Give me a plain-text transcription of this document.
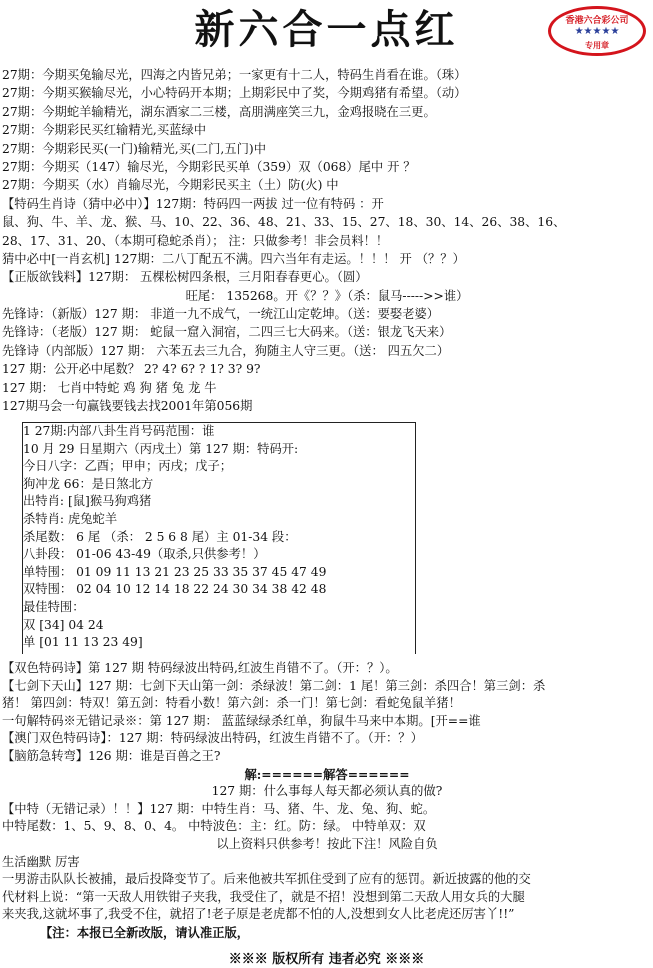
新六合一点红	香港六合彩公司
★★★★★
专用章
27期：今期买兔输尽光，四海之内皆兄弟；一家更有十二人，特码生肖看在谁。（珠）
27期：今期买猴输尽光，小心特码开本期；上期彩民中了奖，今期鸡猪有希望。（动）
27期：今期蛇羊输精光，湖东酒家二三楼，高朋满座笑三九，金鸡报晓在三更。
27期：今期彩民买红输精光,买蓝绿中
27期：今期彩民买(一门)输精光,买(二门,五门)中
27期：今期买（147）输尽光，今期彩民买单（359）双（068）尾中 开 ？
27期：今期买（水）肖输尽光，今期彩民买主（土）防(火) 中
【特码生肖诗（猜中必中）】127期：特码四一两拔 过一位有特码 ：开
鼠、狗、牛、羊、龙、猴、马、10、22、36、48、21、33、15、27、18、30、14、26、38、16、
28、17、31、20、（本期可稳蛇杀肖）； 注：只做参考！非会员料！！
猜中必中[一肖玄机] 127期：二八丁配五不满。四六当年有走运。！！！ 开 （？？）
【正版欲钱料】127期： 五棵松树四条根，三月阳春春更心。（圆）
旺尾： 135268。开《？？》（杀：鼠马----->>谁）
先锋诗：（新版）127 期： 非道一九不成气，一统江山定乾坤。（送：要娶老婆）
先锋诗：（老版）127 期： 蛇鼠一窟入洞宿，二四三七大码来。（送：银龙飞天来）
先锋诗（内部版）127 期： 六苯五去三九合，狗随主人守三更。（送： 四五欠二）
127 期：公开必中尾数？ 2? 4? 6? ? 1? 3? 9?
127 期： 七肖中特蛇 鸡 狗 猪 兔 龙 牛
127期马会一句赢钱要钱去找2001年第056期
1 27期:内部八卦生肖号码范围：谁
10 月 29 日星期六（丙戌土）第 127 期：特码开:
今日八字：乙酉；甲申；丙戌；戊子；
狗冲龙 66：是日煞北方
出特肖: [鼠]猴马狗鸡猪
杀特肖: 虎兔蛇羊
杀尾数： 6 尾 （杀： 2 5 6 8 尾）主 01-34 段：
八卦段： 01-06 43-49（取杀,只供参考！）
单特围： 01 09 11 13 21 23 25 33 35 37 45 47 49
双特围： 02 04 10 12 14 18 22 24 30 34 38 42 48
最佳特围：
双 [34] 04 24
单 [01 11 13 23 49]
【双色特码诗】第 127 期 特码绿波出特码,红波生肖错不了。（开：？）。
【七剑下天山】127 期：七剑下天山第一剑：杀绿波！第二剑：1 尾！第三剑：杀四合！第三剑：杀
猪！ 第四剑：特双！第五剑：特看小数！第六剑：杀一门！第七剑：看蛇兔鼠羊猪！
一句解特码※无错记录※：第 127 期： 蓝蓝绿绿杀红单，狗鼠牛马来中本期。[开==谁
【澳门双色特码诗】：127 期：特码绿波出特码，红波生肖错不了。（开：？）
【脑筋急转弯】126 期：谁是百兽之王?
解:======解答======
127 期：什么事每人每天都必须认真的做?
【中特（无错记录）！！】127 期：中特生肖：马、猪、牛、龙、兔、狗、蛇。
中特尾数：1、5、9、8、0、4。 中特波色：主：红。防：绿。 中特单双：双
以上资料只供参考！按此下注！风险自负
生活幽默 厉害
一男游击队队长被捕，最后投降变节了。后来他被共军抓住受到了应有的惩罚。新近披露的他的交
代材料上说：“第一天敌人用铁钳子夹我，我受住了，就是不招！没想到第二天敌人用女兵的大腿
来夹我,这就坏事了,我受不住，就招了!老子原是老虎都不怕的人,没想到女人比老虎还厉害丫!!”
【注：本报已全新改版，请认准正版，
※※※ 版权所有 违者必究 ※※※
